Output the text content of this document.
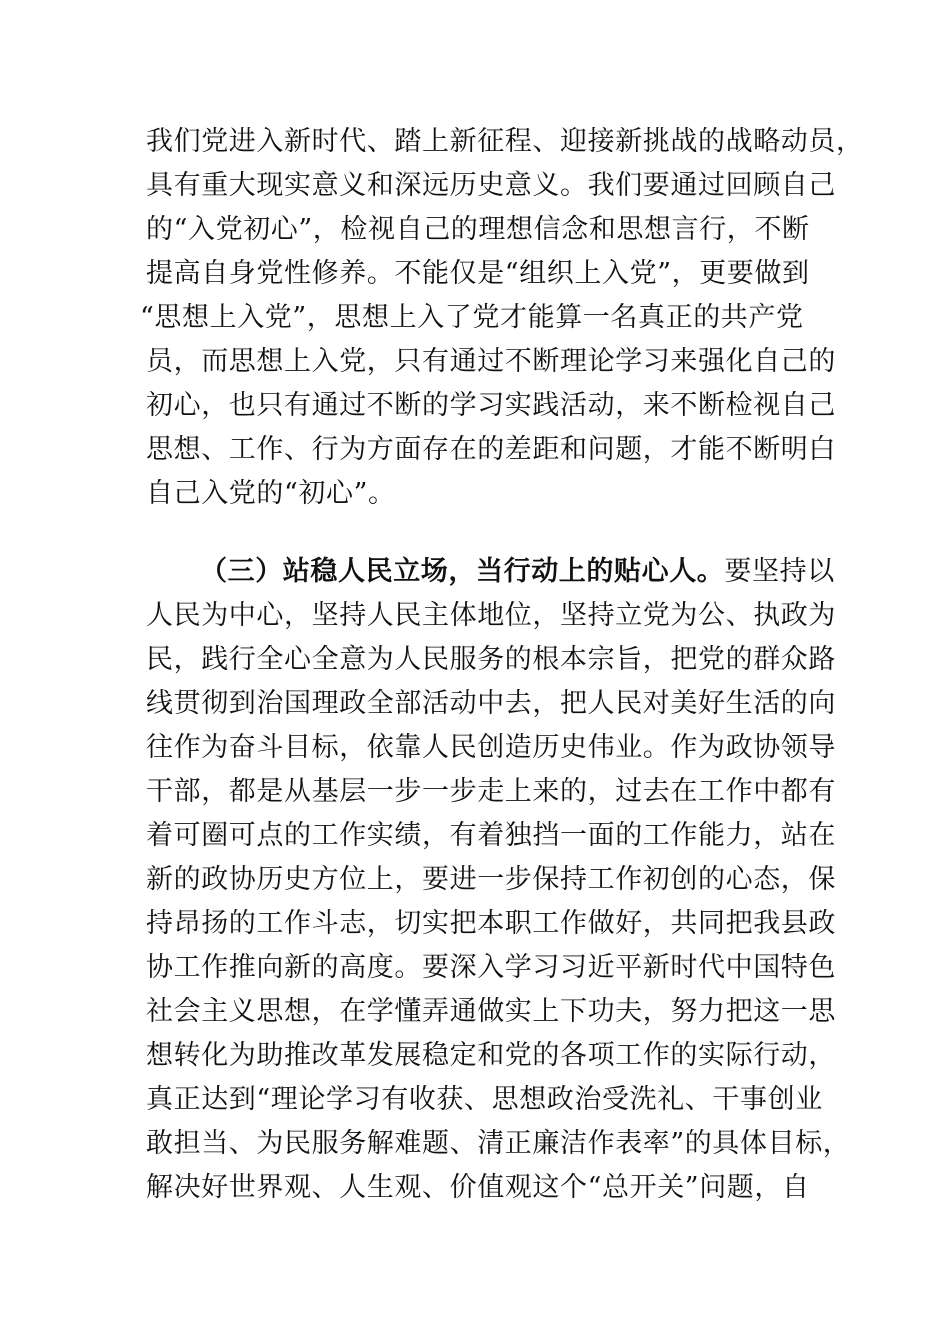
我们党进入新时代、踏上新征程、迎接新挑战的战略动员，
具有重大现实意义和深远历史意义。我们要通过回顾自己
的“入党初心”，检视自己的理想信念和思想言行，不断
提高自身党性修养。不能仅是“组织上入党”，更要做到
“思想上入党”，思想上入了党才能算一名真正的共产党
员，而思想上入党，只有通过不断理论学习来强化自己的
初心，也只有通过不断的学习实践活动，来不断检视自己
思想、工作、行为方面存在的差距和问题，才能不断明白
自己入党的“初心”。
（三）站稳人民立场，当行动上的贴心人。要坚持以
人民为中心，坚持人民主体地位，坚持立党为公、执政为
民，践行全心全意为人民服务的根本宗旨，把党的群众路
线贯彻到治国理政全部活动中去，把人民对美好生活的向
往作为奋斗目标，依靠人民创造历史伟业。作为政协领导
干部，都是从基层一步一步走上来的，过去在工作中都有
着可圈可点的工作实绩，有着独挡一面的工作能力，站在
新的政协历史方位上，要进一步保持工作初创的心态，保
持昂扬的工作斗志，切实把本职工作做好，共同把我县政
协工作推向新的高度。要深入学习习近平新时代中国特色
社会主义思想，在学懂弄通做实上下功夫，努力把这一思
想转化为助推改革发展稳定和党的各项工作的实际行动，
真正达到“理论学习有收获、思想政治受洗礼、干事创业
敢担当、为民服务解难题、清正廉洁作表率”的具体目标，
解决好世界观、人生观、价值观这个“总开关”问题，自
